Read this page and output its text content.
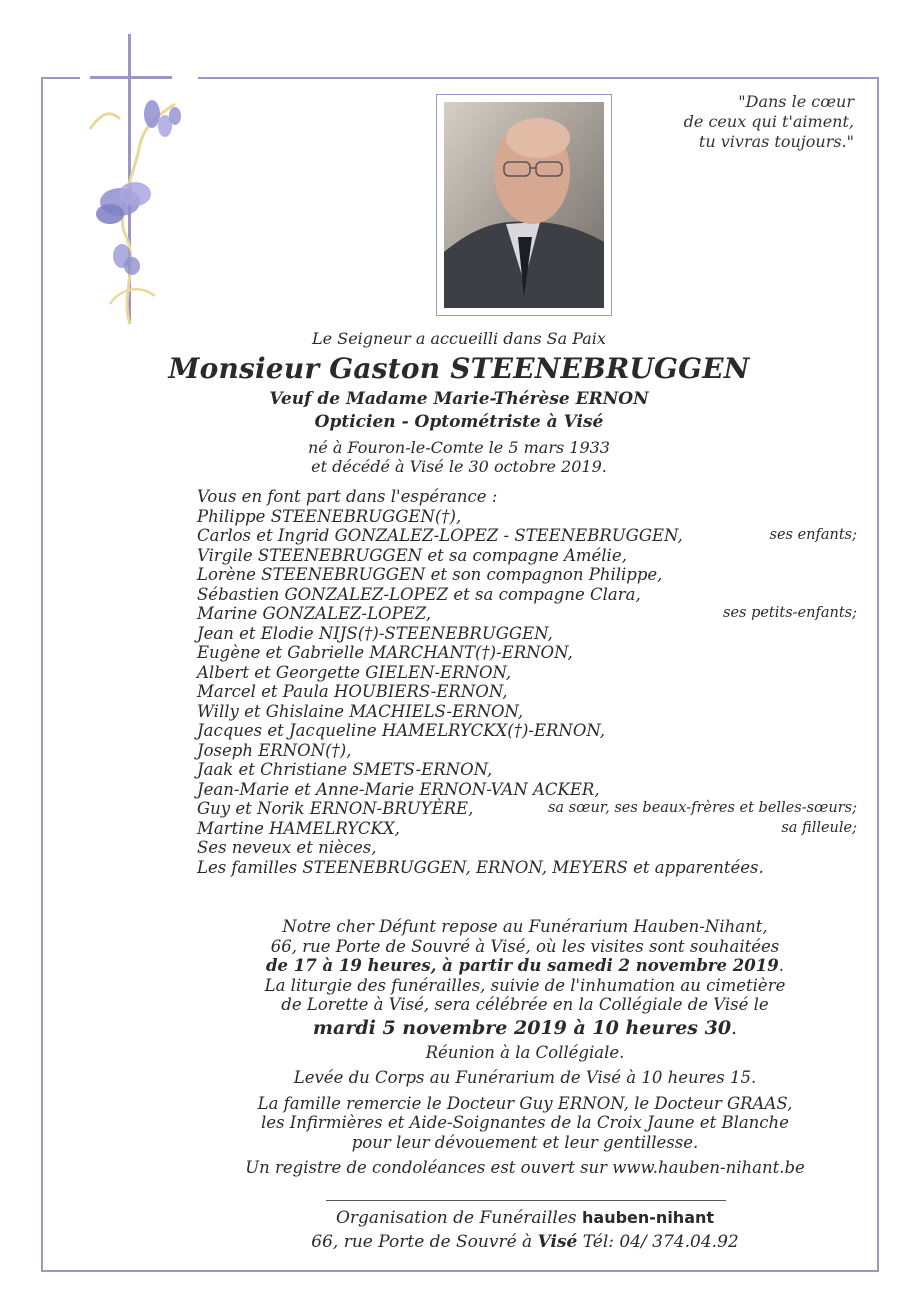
"Dans le cœur
de ceux qui t'aiment,
tu vivras toujours."
Le Seigneur a accueilli dans Sa Paix
Monsieur Gaston STEENEBRUGGEN
Veuf de Madame Marie-Thérèse ERNON
Opticien - Optométriste à Visé
né à Fouron-le-Comte le 5 mars 1933
et décédé à Visé le 30 octobre 2019.
Vous en font part dans l'espérance :
Philippe STEENEBRUGGEN(†),
Carlos et Ingrid GONZALEZ-LOPEZ - STEENEBRUGGEN,	ses enfants;
Virgile STEENEBRUGGEN et sa compagne Amélie,
Lorène STEENEBRUGGEN et son compagnon Philippe,
Sébastien GONZALEZ-LOPEZ et sa compagne Clara,
Marine GONZALEZ-LOPEZ,	ses petits-enfants;
Jean et Elodie NIJS(†)-STEENEBRUGGEN,
Eugène et Gabrielle MARCHANT(†)-ERNON,
Albert et Georgette GIELEN-ERNON,
Marcel et Paula HOUBIERS-ERNON,
Willy et Ghislaine MACHIELS-ERNON,
Jacques et Jacqueline HAMELRYCKX(†)-ERNON,
Joseph ERNON(†),
Jaak et Christiane SMETS-ERNON,
Jean-Marie et Anne-Marie ERNON-VAN ACKER,
Guy et Norik ERNON-BRUYÈRE,	sa sœur, ses beaux-frères et belles-sœurs;
Martine HAMELRYCKX,	sa filleule;
Ses neveux et nièces,
Les familles STEENEBRUGGEN, ERNON, MEYERS et apparentées.
Notre cher Défunt repose au Funérarium Hauben-Nihant,
66, rue Porte de Souvré à Visé, où les visites sont souhaitées
de 17 à 19 heures, à partir du samedi 2 novembre 2019.
La liturgie des funérailles, suivie de l'inhumation au cimetière
de Lorette à Visé, sera célébrée en la Collégiale de Visé le
mardi 5 novembre 2019 à 10 heures 30.
Réunion à la Collégiale.
Levée du Corps au Funérarium de Visé à 10 heures 15.
La famille remercie le Docteur Guy ERNON, le Docteur GRAAS,
les Infirmières et Aide-Soignantes de la Croix Jaune et Blanche
pour leur dévouement et leur gentillesse.
Un registre de condoléances est ouvert sur www.hauben-nihant.be
Organisation de Funérailles hauben-nihant
66, rue Porte de Souvré à Visé Tél: 04/ 374.04.92
